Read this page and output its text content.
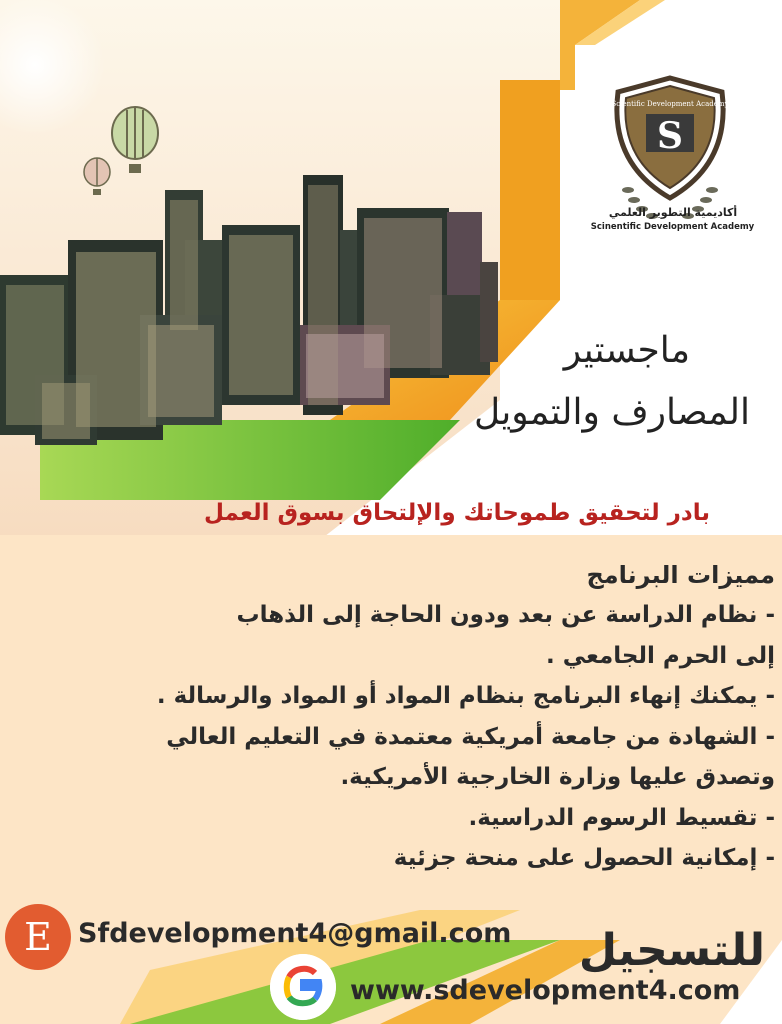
Scientific Development Academy
S
أكاديمية التطوير العلمي
Scinentific Development Academy
ماجستير
المصارف والتمويل
بادر لتحقيق طموحاتك والإلتحاق بسوق العمل
مميزات البرنامج
- نظام الدراسة عن بعد ودون الحاجة إلى الذهاب
إلى الحرم الجامعي .
- يمكنك إنهاء البرنامج بنظام المواد أو المواد والرسالة .
- الشهادة من جامعة أمريكية معتمدة في التعليم العالي
وتصدق عليها وزارة الخارجية الأمريكية.
- تقسيط الرسوم الدراسية.
- إمكانية الحصول على منحة جزئية
E Sfdevelopment4@gmail.com	للتسجيل
www.sdevelopment4.com
